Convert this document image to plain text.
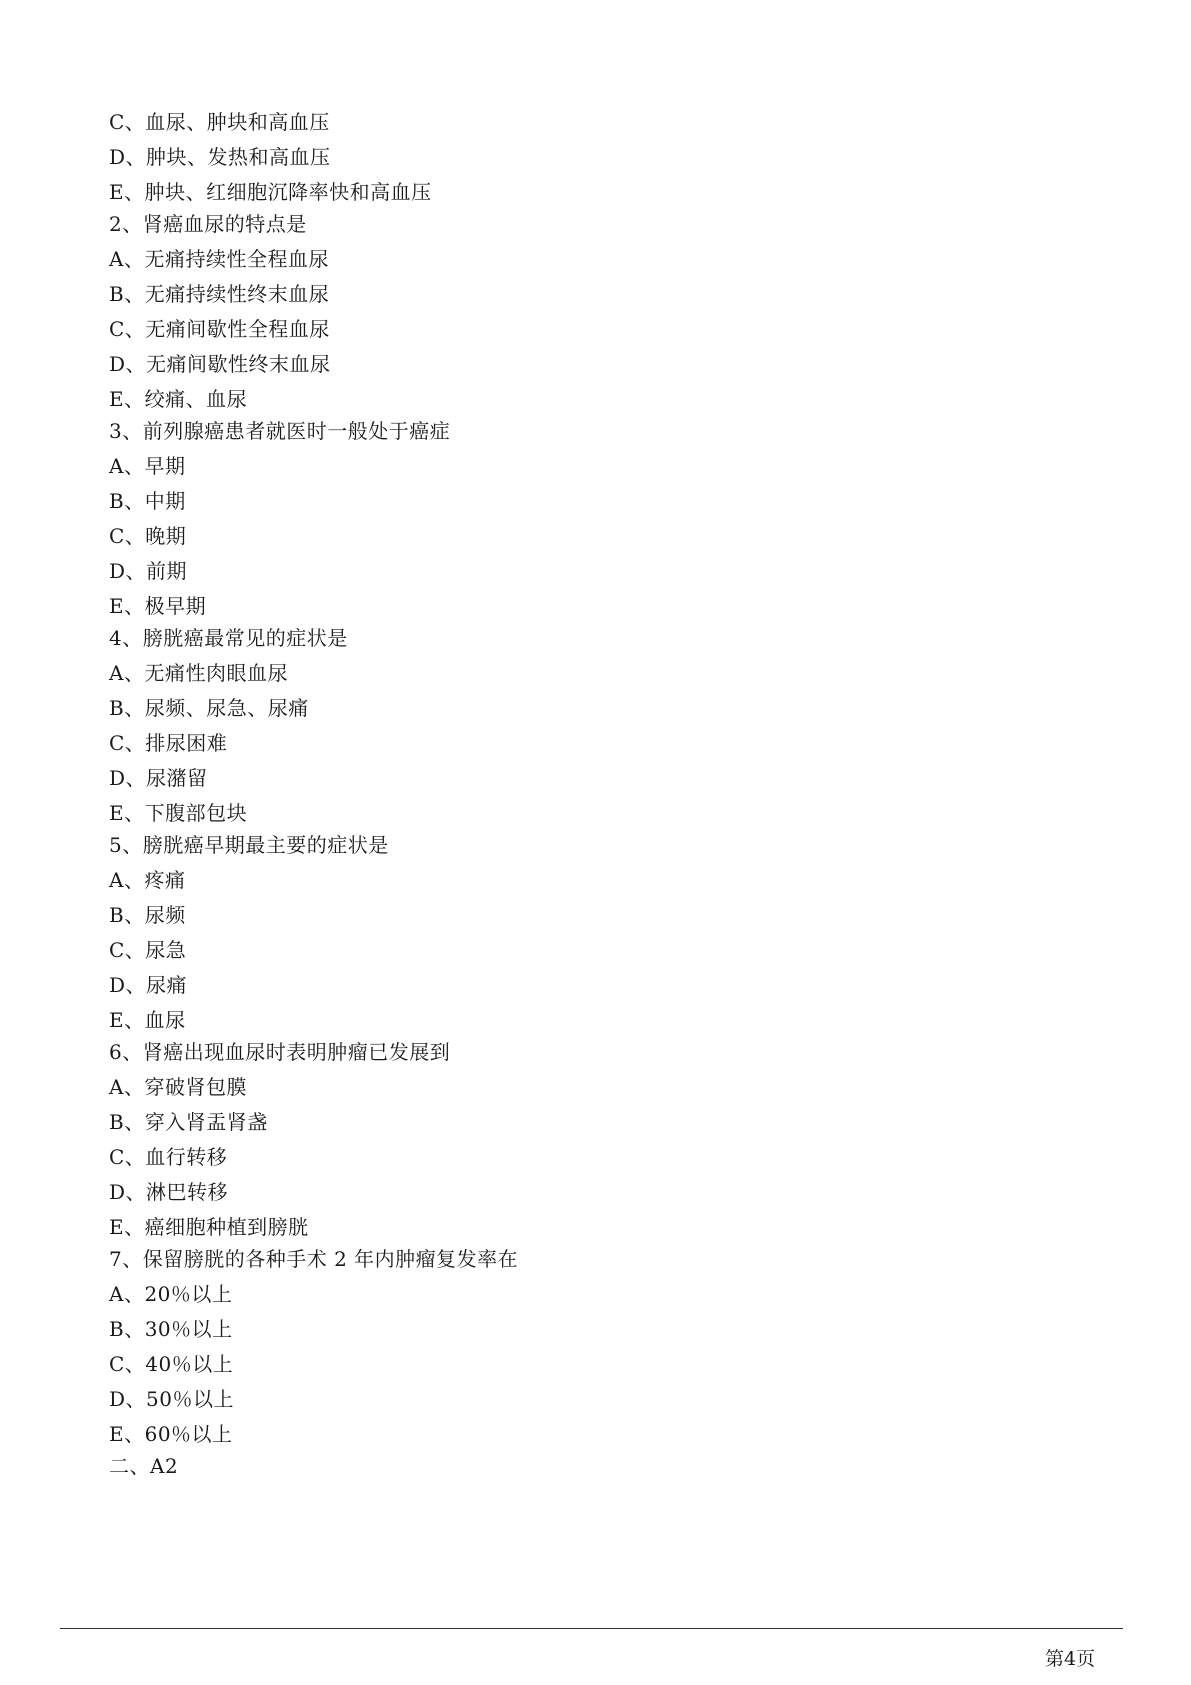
C、血尿、肿块和高血压
D、肿块、发热和高血压
E、肿块、红细胞沉降率快和高血压
2、肾癌血尿的特点是
A、无痛持续性全程血尿
B、无痛持续性终末血尿
C、无痛间歇性全程血尿
D、无痛间歇性终末血尿
E、绞痛、血尿
3、前列腺癌患者就医时一般处于癌症
A、早期
B、中期
C、晚期
D、前期
E、极早期
4、膀胱癌最常见的症状是
A、无痛性肉眼血尿
B、尿频、尿急、尿痛
C、排尿困难
D、尿潴留
E、下腹部包块
5、膀胱癌早期最主要的症状是
A、疼痛
B、尿频
C、尿急
D、尿痛
E、血尿
6、肾癌出现血尿时表明肿瘤已发展到
A、穿破肾包膜
B、穿入肾盂肾盏
C、血行转移
D、淋巴转移
E、癌细胞种植到膀胱
7、保留膀胱的各种手术 2 年内肿瘤复发率在
A、20％以上
B、30％以上
C、40％以上
D、50％以上
E、60％以上
二、A2
第4页
